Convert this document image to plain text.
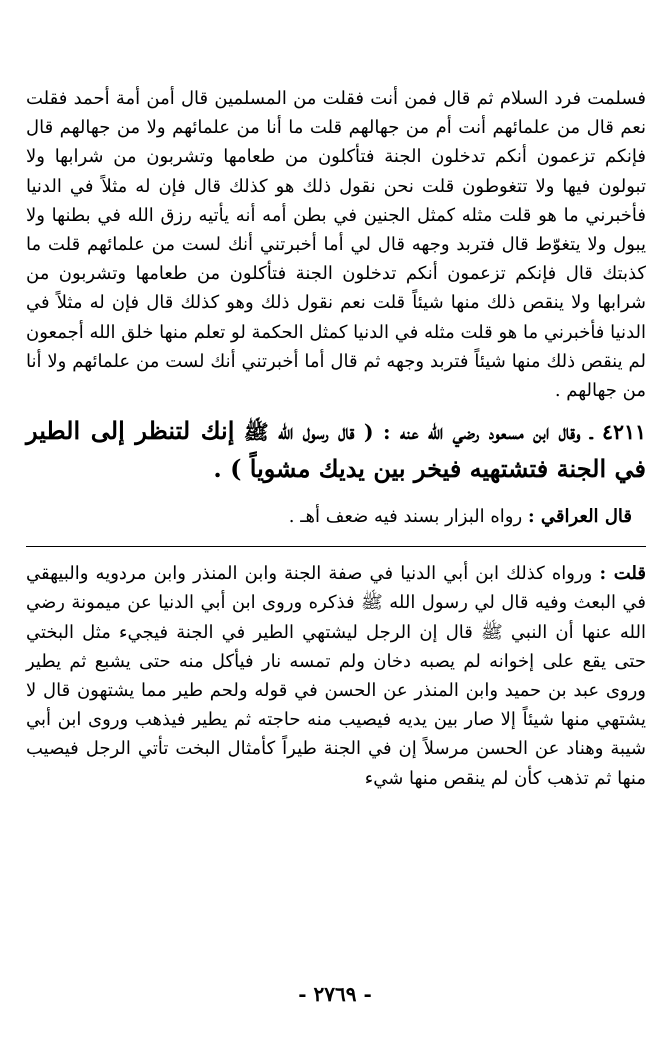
فسلمت فرد السلام ثم قال فمن أنت فقلت من المسلمين قال أمن أمة أحمد فقلت نعم قال من علمائهم أنت أم من جهالهم قلت ما أنا من علمائهم ولا من جهالهم قال فإنكم تزعمون أنكم تدخلون الجنة فتأكلون من طعامها وتشربون من شرابها ولا تبولون فيها ولا تتغوطون قلت نحن نقول ذلك هو كذلك قال فإن له مثلاً في الدنيا فأخبرني ما هو قلت مثله كمثل الجنين في بطن أمه أنه يأتيه رزق الله في بطنها ولا يبول ولا يتغوّط قال فتربد وجهه قال لي أما أخبرتني أنك لست من علمائهم قلت ما كذبتك قال فإنكم تزعمون أنكم تدخلون الجنة فتأكلون من طعامها وتشربون من شرابها ولا ينقص ذلك منها شيئاً قلت نعم نقول ذلك وهو كذلك قال فإن له مثلاً في الدنيا فأخبرني ما هو قلت مثله في الدنيا كمثل الحكمة لو تعلم منها خلق الله أجمعون لم ينقص ذلك منها شيئاً فتربد وجهه ثم قال أما أخبرتني أنك لست من علمائهم ولا أنا من جهالهم .

٤٢١١ ـ وقال ابن مسعود رضي الله عنه : ( قال رسول الله ﷺ إنك لتنظر إلى الطير في الجنة فتشتهيه فيخر بين يديك مشوياً ) .

قال العراقي : رواه البزار بسند فيه ضعف أهـ .

قلت : ورواه كذلك ابن أبي الدنيا في صفة الجنة وابن المنذر وابن مردويه والبيهقي في البعث وفيه قال لي رسول الله ﷺ فذكره وروى ابن أبي الدنيا عن ميمونة رضي الله عنها أن النبي ﷺ قال إن الرجل ليشتهي الطير في الجنة فيجيء مثل البختي حتى يقع على إخوانه لم يصبه دخان ولم تمسه نار فيأكل منه حتى يشبع ثم يطير وروى عبد بن حميد وابن المنذر عن الحسن في قوله ولحم طير مما يشتهون قال لا يشتهي منها شيئاً إلا صار بين يديه فيصيب منه حاجته ثم يطير فيذهب وروى ابن أبي شيبة وهناد عن الحسن مرسلاً إن في الجنة طيراً كأمثال البخت تأتي الرجل فيصيب منها ثم تذهب كأن لم ينقص منها شيء

- ٢٧٦٩ -
